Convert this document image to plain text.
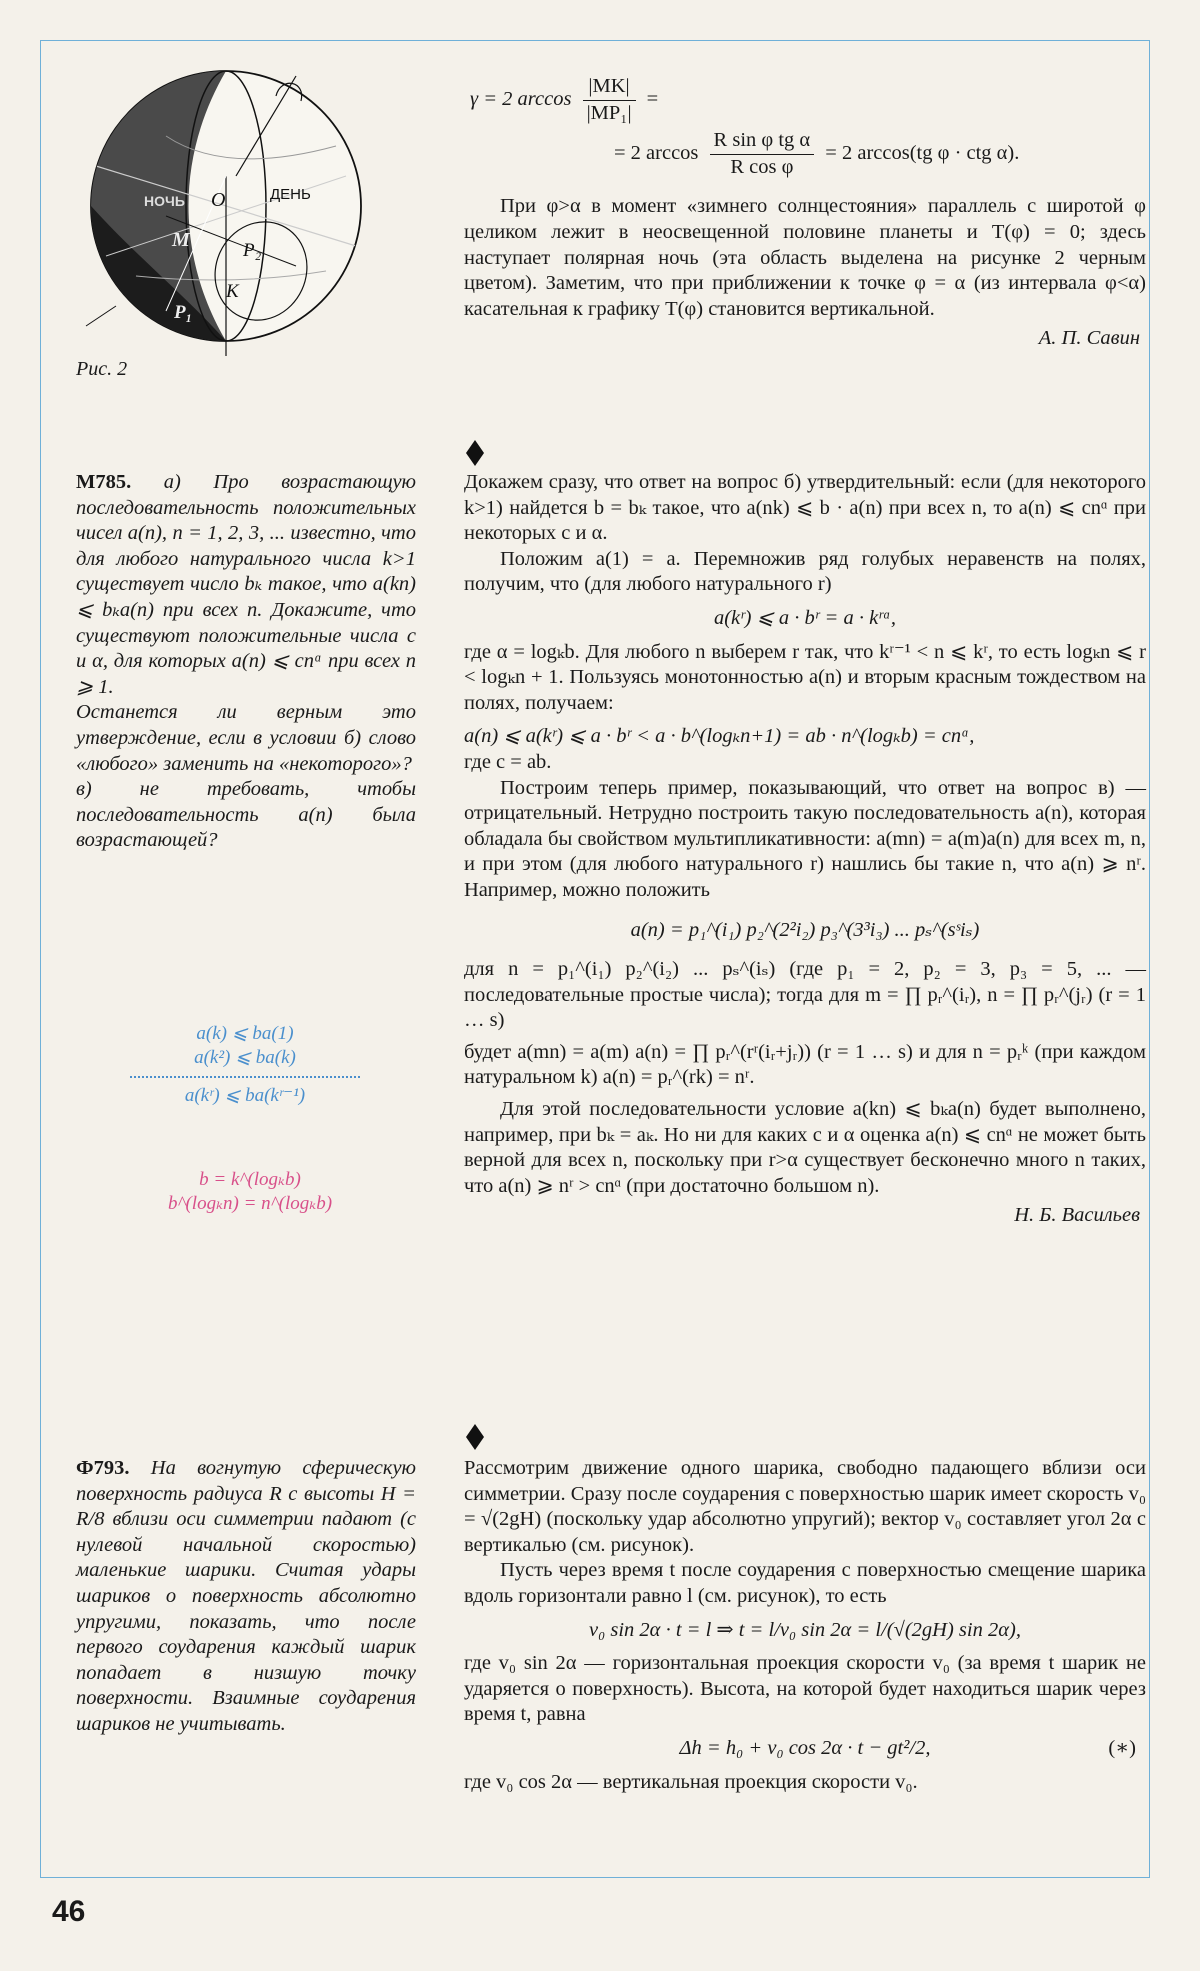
НОЧЬ	ДЕНЬ
O
M	P₂
K
P₁
Рис. 2
γ = 2 $\arccos \frac{|MK|}{\text{|MP₁|}}$ =
= 2 $\arccos \frac{\text{R sin φ tg α}}{\text{R cos φ}} = 2$ arccos(tg φ · ctg α).

При φ>α в момент «зимнего солнцестояния» параллель с широтой φ целиком лежит в неосвещенной половине планеты и T(φ) = 0; здесь наступает полярная ночь (эта область выделена на рисунке 2 черным цветом). Заметим, что при приближении к точке φ = α (из интервала φ<α) касательная к графику T(φ) становится вертикальной.

А. П. Савин

М785. а) Про возрастающую последовательность положительных чисел a(n), n = 1, 2, 3, ... известно, что для любого натурального числа k>1 существует число bₖ такое, что a(kn) ⩽ bₖa(n) при всех n. Докажите, что существуют положительные числа c и α, для которых a(n) ⩽ cnᵅ при всех n ⩾ 1.

Останется ли верным это утверждение, если в условии б) слово «любого» заменить на «некоторого»?

в) не требовать, чтобы последовательность a(n) была возрастающей?

a(k) ⩽ ba(1)
a(k²) ⩽ ba(k)
a(kʳ) ⩽ ba(kʳ⁻¹)
b = k^(logₖb)
b^(logₖn) = n^(logₖb)

Докажем сразу, что ответ на вопрос б) утвердительный: если (для некоторого k>1) найдется b = bₖ такое, что a(nk) ⩽ b · a(n) при всех n, то a(n) ⩽ cnᵅ при некоторых c и α.

Положим a(1) = a. Перемножив ряд голубых неравенств на полях, получим, что (для любого натурального r)

a(kʳ) ⩽ a · bʳ = a · kʳᵅ,

где α = logₖb. Для любого n выберем r так, что kʳ⁻¹ < n ⩽ kʳ, то есть logₖn ⩽ r < logₖn + 1. Пользуясь монотонностью a(n) и вторым красным тождеством на полях, получаем:

a(n) ⩽ a(kʳ) ⩽ a · bʳ < a · b^(logₖn+1) = ab · n^(logₖb) = cnᵅ,

где c = ab.

Построим теперь пример, показывающий, что ответ на вопрос в) — отрицательный. Нетрудно построить такую последовательность a(n), которая обладала бы свойством мультипликативности: a(mn) = a(m)a(n) для всех m, n, и при этом (для любого натурального r) нашлись бы такие n, что a(n) ⩾ nʳ. Например, можно положить

a(n) = p₁^(i₁) p₂^(2²i₂) p₃^(3³i₃) ... pₛ^(sˢiₛ)

для n = p₁^(i₁) p₂^(i₂) ... pₛ^(iₛ) (где p₁ = 2, p₂ = 3, p₃ = 5, ... — последовательные простые числа); тогда для m = ∏ pᵣ^(iᵣ), n = ∏ pᵣ^(jᵣ) (r = 1 … s)

будет a(mn) = a(m) a(n) = ∏ pᵣ^(rʳ(iᵣ+jᵣ)) (r = 1 … s) и для n = pᵣᵏ (при каждом натуральном k) a(n) = pᵣ^(rk) = nʳ.

Для этой последовательности условие a(kn) ⩽ bₖa(n) будет выполнено, например, при bₖ = aₖ. Но ни для каких c и α оценка a(n) ⩽ cnᵅ не может быть верной для всех n, поскольку при r>α существует бесконечно много n таких, что a(n) ⩾ nʳ > cnᵅ (при достаточно большом n).

Н. Б. Васильев

Ф793. На вогнутую сферическую поверхность радиуса R с высоты H = R/8 вблизи оси симметрии падают (с нулевой начальной скоростью) маленькие шарики. Считая удары шариков о поверхность абсолютно упругими, показать, что после первого соударения каждый шарик попадает в низшую точку поверхности. Взаимные соударения шариков не учитывать.

Рассмотрим движение одного шарика, свободно падающего вблизи оси симметрии. Сразу после соударения с поверхностью шарик имеет скорость v₀ = √(2gH) (поскольку удар абсолютно упругий); вектор v₀ составляет угол 2α с вертикалью (см. рисунок).

Пусть через время t после соударения с поверхностью смещение шарика вдоль горизонтали равно l (см. рисунок), то есть

v₀ sin 2α · t = l ⇒ t = l/v₀ sin 2α = l/(√(2gH) sin 2α),

где v₀ sin 2α — горизонтальная проекция скорости v₀ (за время t шарик не ударяется о поверхность). Высота, на которой будет находиться шарик через время t, равна

Δh = h₀ + v₀ cos 2α · t − gt²/2,	(∗)

где v₀ cos 2α — вертикальная проекция скорости v₀.

46
